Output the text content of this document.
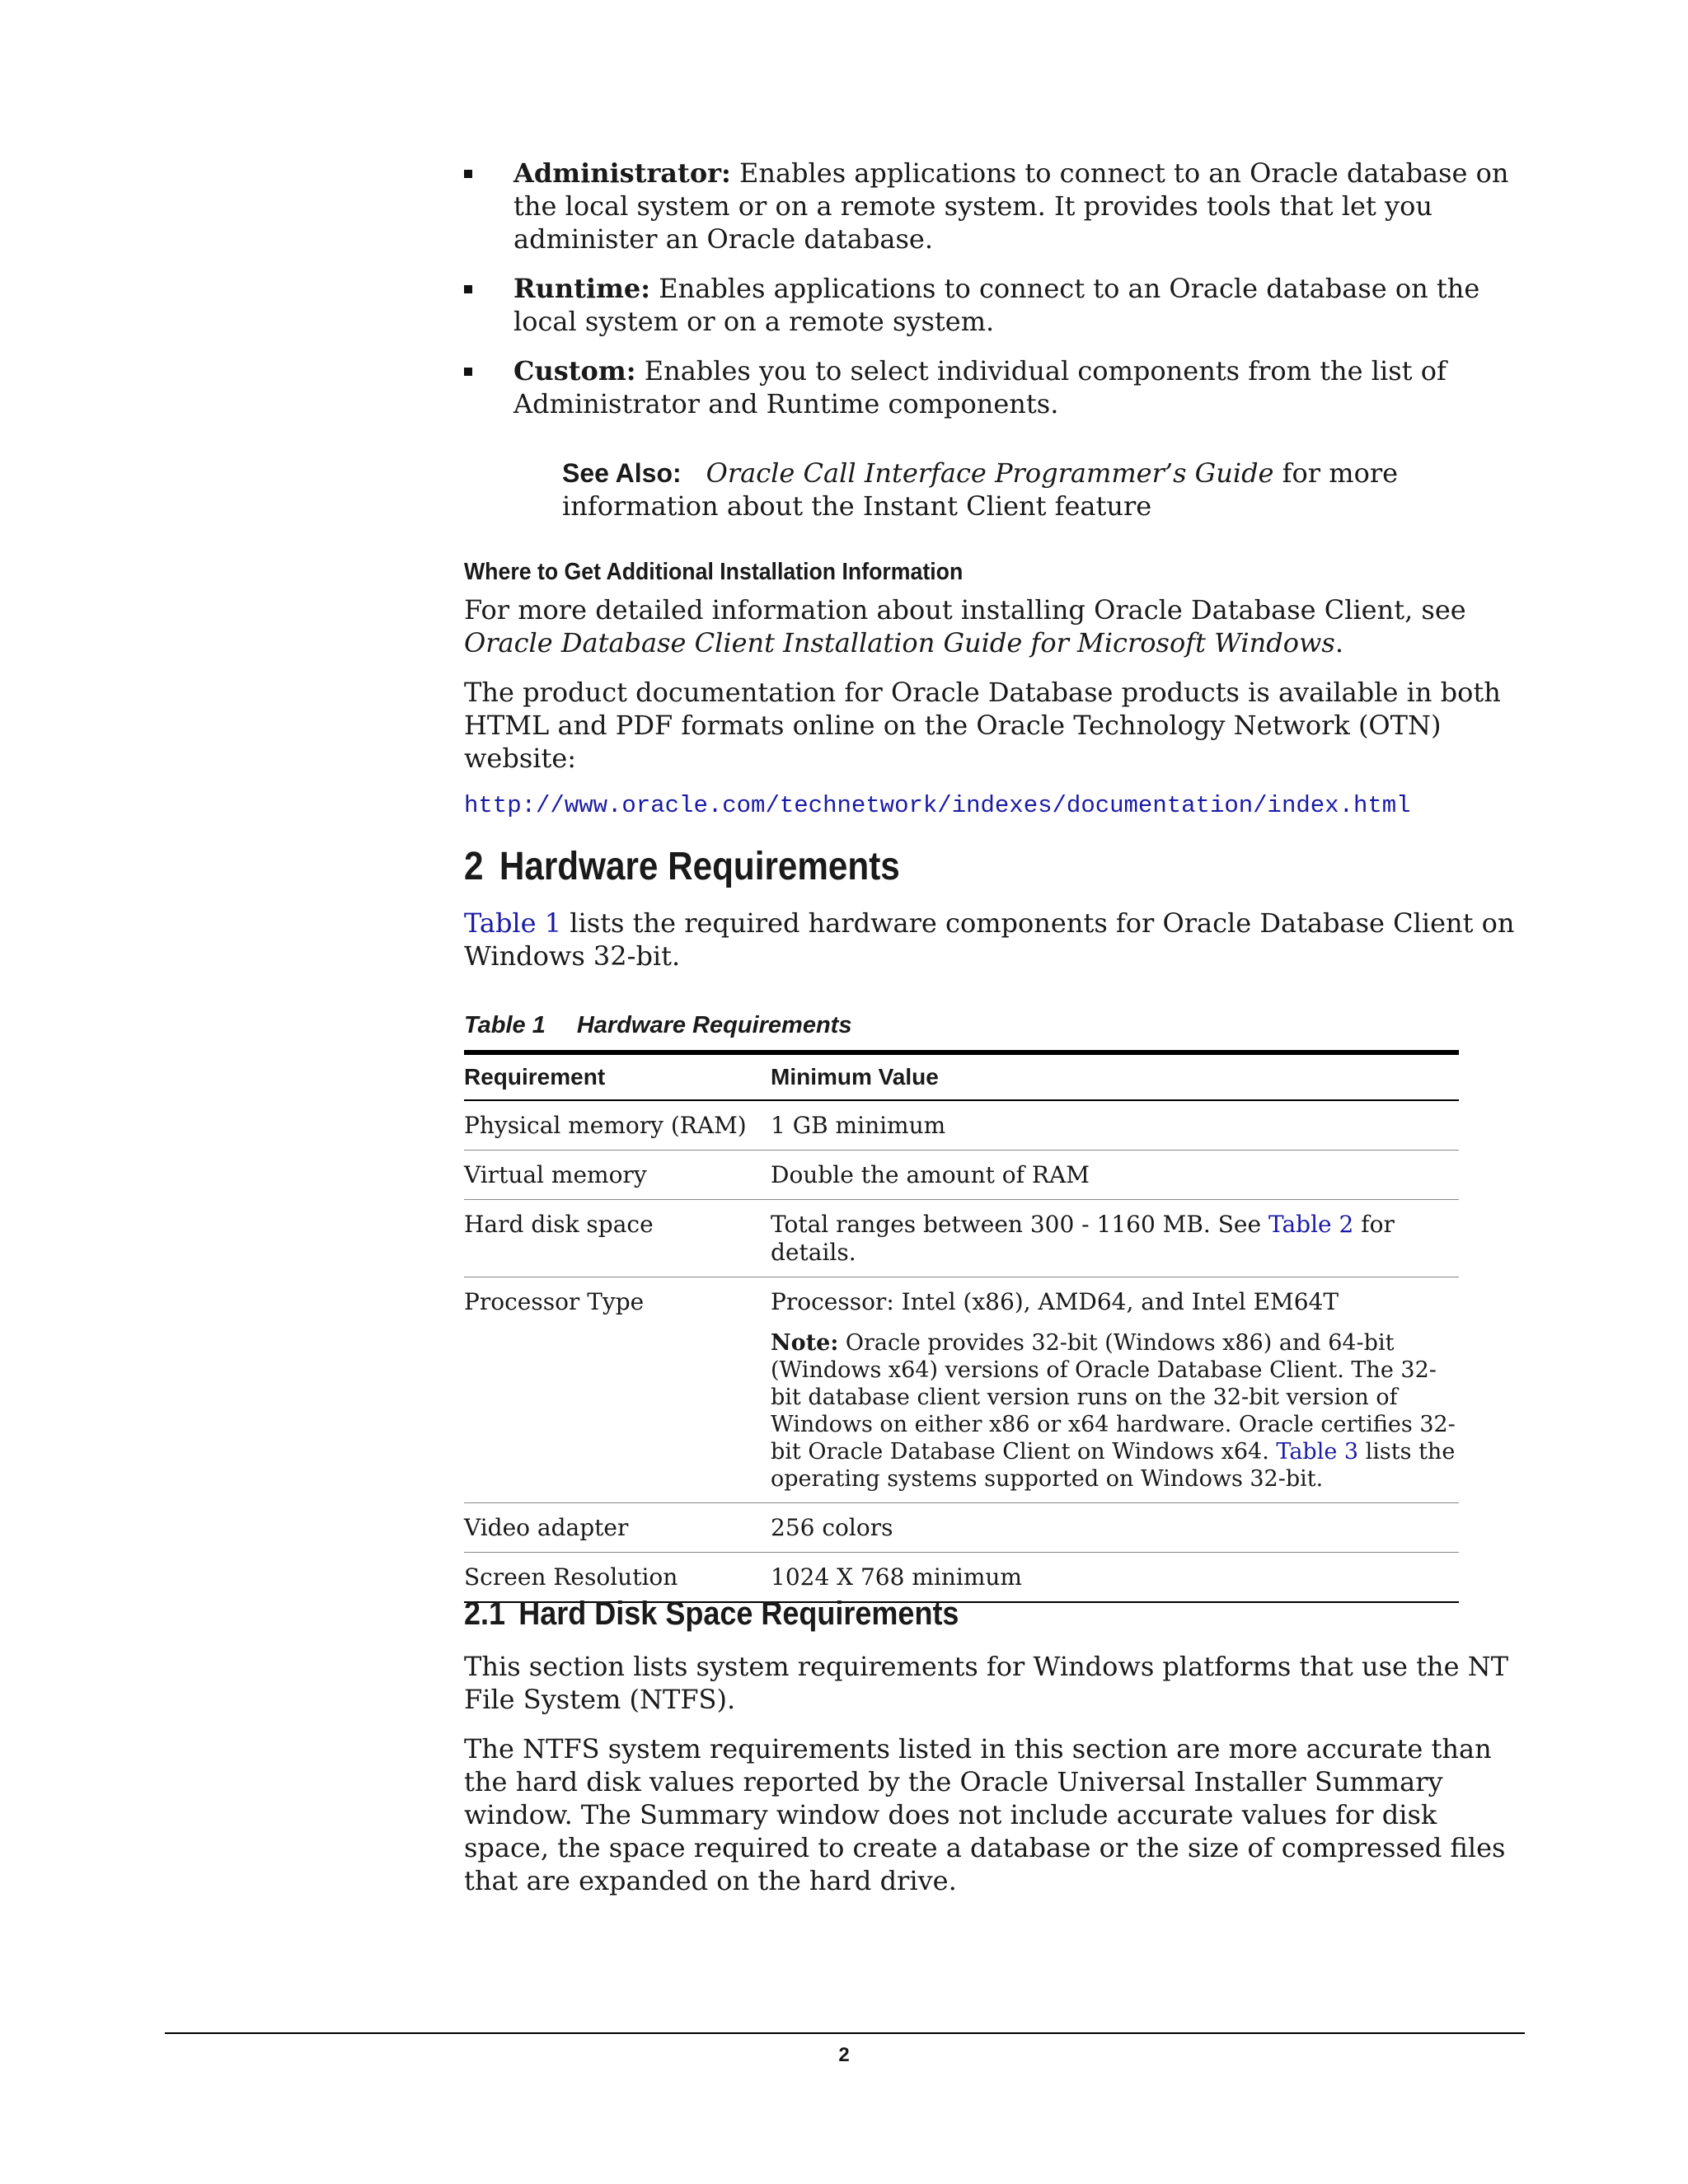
Administrator: Enables applications to connect to an Oracle database on the local system or on a remote system. It provides tools that let you administer an Oracle database.
Runtime: Enables applications to connect to an Oracle database on the local system or on a remote system.
Custom: Enables you to select individual components from the list of Administrator and Runtime components.
See Also: Oracle Call Interface Programmer’s Guide for more information about the Instant Client feature
Where to Get Additional Installation Information

For more detailed information about installing Oracle Database Client, see Oracle Database Client Installation Guide for Microsoft Windows.

The product documentation for Oracle Database products is available in both HTML and PDF formats online on the Oracle Technology Network (OTN) website:

http://www.oracle.com/technetwork/indexes/documentation/index.html

2 Hardware Requirements

Table 1 lists the required hardware components for Oracle Database Client on Windows 32-bit.

Table 1 Hardware Requirements
Requirement	Minimum Value
Physical memory (RAM)	1 GB minimum
Virtual memory	Double the amount of RAM
Hard disk space	Total ranges between 300 - 1160 MB. See Table 2 for details.
Processor Type	Processor: Intel (x86), AMD64, and Intel EM64T
Note: Oracle provides 32-bit (Windows x86) and 64-bit (Windows x64) versions of Oracle Database Client. The 32-bit database client version runs on the 32-bit version of Windows on either x86 or x64 hardware. Oracle certifies 32-bit Oracle Database Client on Windows x64. Table 3 lists the operating systems supported on Windows 32-bit.

Video adapter	256 colors
Screen Resolution	1024 X 768 minimum
2.1 Hard Disk Space Requirements

This section lists system requirements for Windows platforms that use the NT File System (NTFS).

The NTFS system requirements listed in this section are more accurate than the hard disk values reported by the Oracle Universal Installer Summary window. The Summary window does not include accurate values for disk space, the space required to create a database or the size of compressed files that are expanded on the hard drive.

2
